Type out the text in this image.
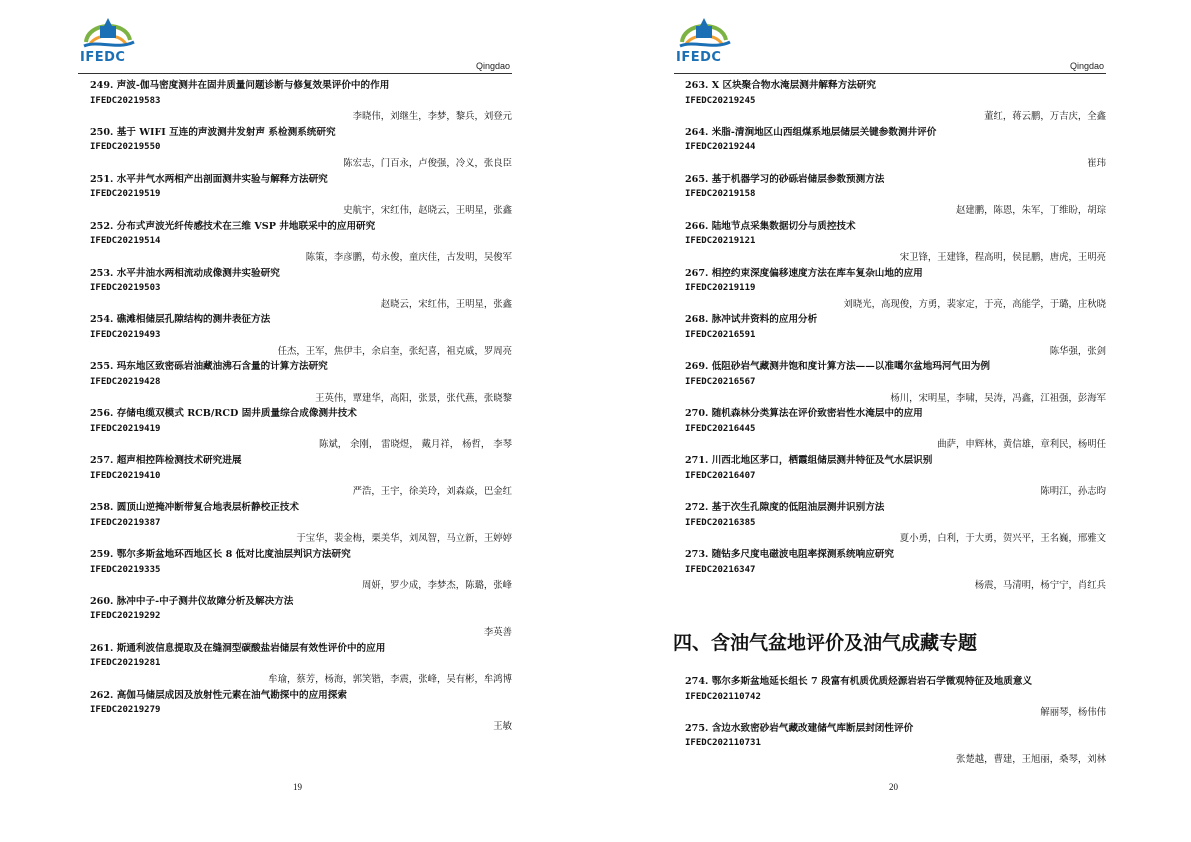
IFEDC
Qingdao
249. 声波-伽马密度测井在固井质量问题诊断与修复效果评价中的作用
IFEDC20219583
李晓伟，刘继生，李梦，黎兵，刘登元
250. 基于 WIFI 互连的声波测井发射声 系检测系统研究
IFEDC20219550
陈宏志，门百永，卢俊强，冷义，张良臣
251. 水平井气水两相产出剖面测井实验与解释方法研究
IFEDC20219519
史航宇，宋红伟，赵晓云，王明星，张鑫
252. 分布式声波光纤传感技术在三维 VSP 井地联采中的应用研究
IFEDC20219514
陈策，李彦鹏，苟永俊，童庆佳，古发明，吴俊军
253. 水平井油水两相流动成像测井实验研究
IFEDC20219503
赵晓云，宋红伟，王明星，张鑫
254. 礁滩相储层孔隙结构的测井表征方法
IFEDC20219493
任杰，王军，焦伊丰，余启奎，张纪喜，祖克威，罗周亮
255. 玛东地区致密砾岩油藏油沸石含量的计算方法研究
IFEDC20219428
王英伟，覃建华，高阳，张景，张代燕，张晓黎
256. 存储电缆双模式 RCB/RCD 固井质量综合成像测井技术
IFEDC20219419
陈斌， 余刚， 雷晓煜， 戴月祥， 杨哲， 李琴
257. 超声相控阵检测技术研究进展
IFEDC20219410
严浩，王宇，徐美玲，刘森焱，巴金红
258. 圆顶山逆掩冲断带复合地表层析静校正技术
IFEDC20219387
于宝华，裴金梅，栗美华，刘凤智，马立新，王婷婷
259. 鄂尔多斯盆地环西地区长 8 低对比度油层判识方法研究
IFEDC20219335
周妍，罗少成，李梦杰，陈璐，张峰
260. 脉冲中子-中子测井仪故障分析及解决方法
IFEDC20219292
李英善
261. 斯通利波信息提取及在缝洞型碳酸盐岩储层有效性评价中的应用
IFEDC20219281
牟瑜，蔡芳，杨海，郭笑锴，李震，张峰，吴有彬，牟鸿博
262. 高伽马储层成因及放射性元素在油气勘探中的应用探索
IFEDC20219279
王敏
19
IFEDC
Qingdao
263. X 区块聚合物水淹层测井解释方法研究
IFEDC20219245
董红，蒋云鹏，万吉庆，全鑫
264. 米脂-清涧地区山西组煤系地层储层关键参数测井评价
IFEDC20219244
崔玮
265. 基于机器学习的砂砾岩储层参数预测方法
IFEDC20219158
赵建鹏，陈恩，朱军，丁维盼，胡琮
266. 陆地节点采集数据切分与质控技术
IFEDC20219121
宋卫锋，王建锋，程高明，侯昆鹏，唐虎，王明亮
267. 相控约束深度偏移速度方法在库车复杂山地的应用
IFEDC20219119
刘晓光，高现俊，方勇，裴家定，于亮，高能学，于璐，庄秋晓
268. 脉冲试井资料的应用分析
IFEDC20216591
陈华强，张剑
269. 低阻砂岩气藏测井饱和度计算方法——以准噶尔盆地玛河气田为例
IFEDC20216567
杨川，宋明星，李啸，吴涛，冯鑫，江祖强，彭海军
270. 随机森林分类算法在评价致密岩性水淹层中的应用
IFEDC20216445
曲萨，申辉林，黄信雄，章利民，杨明任
271. 川西北地区茅口，栖霞组储层测井特征及气水层识别
IFEDC20216407
陈明江，孙志昀
272. 基于次生孔隙度的低阻油层测井识别方法
IFEDC20216385
夏小勇，白利，于大勇，贺兴平，王名巍，邢雅文
273. 随钻多尺度电磁波电阻率探测系统响应研究
IFEDC20216347
杨震，马清明，杨宁宁，肖红兵
四、含油气盆地评价及油气成藏专题
274. 鄂尔多斯盆地延长组长 7 段富有机质优质烃源岩岩石学微观特征及地质意义
IFEDC202110742
解丽琴，杨伟伟
275. 含边水致密砂岩气藏改建储气库断层封闭性评价
IFEDC202110731
张楚越，曹建，王旭丽，桑琴，刘林
20
